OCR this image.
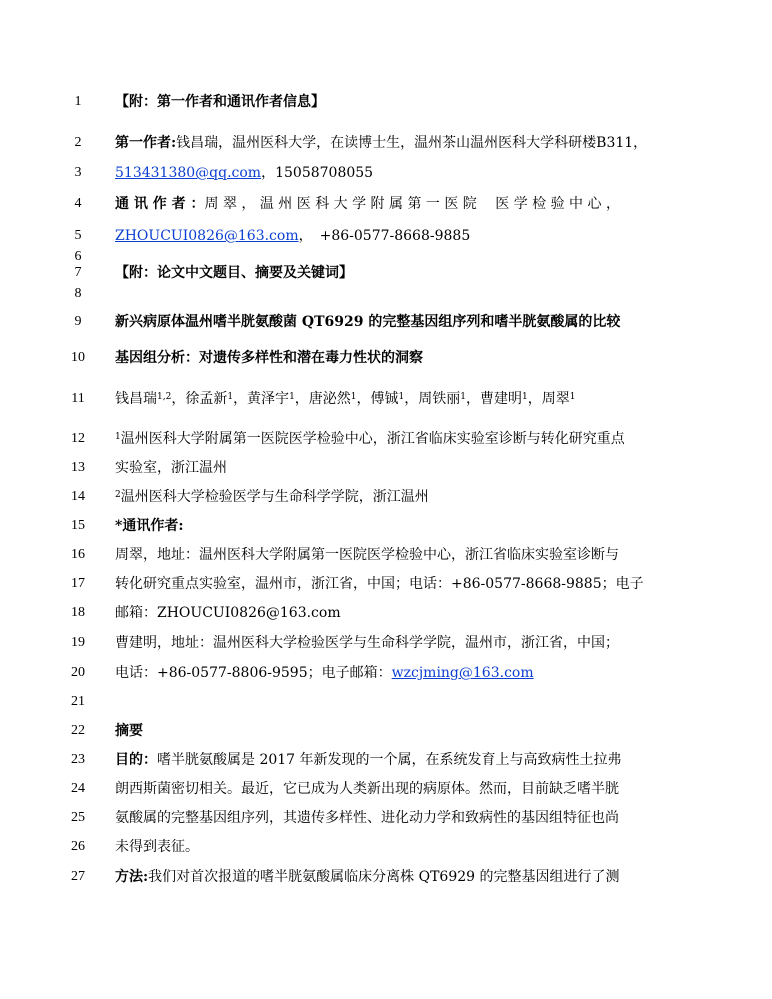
1	【附：第一作者和通讯作者信息】
2	第一作者:钱昌瑞，温州医科大学，在读博士生，温州茶山温州医科大学科研楼B311，
3	513431380@qq.com，15058708055
4	通 讯 作 者 ：周 翠 ， 温 州 医 科 大 学 附 属 第 一 医 院 　医 学 检 验 中 心 ，
5	ZHOUCUI0826@163.com，　+86-0577-8668-9885
6
7	【附：论文中文题目、摘要及关键词】
8
9	新兴病原体温州嗜半胱氨酸菌 QT6929 的完整基因组序列和嗜半胱氨酸属的比较
10	基因组分析：对遗传多样性和潜在毒力性状的洞察
11	钱昌瑞$^{1,2}$，徐孟新$^1$，黄泽宇$^1$，唐泌然$^1$，傅铖$^1$，周铁丽$^1$，曹建明$^1$，周翠$^1$
12	$^1$温州医科大学附属第一医院医学检验中心，浙江省临床实验室诊断与转化研究重点
13	实验室，浙江温州
14	$^2$温州医科大学检验医学与生命科学学院，浙江温州
15	*通讯作者:
16	周翠，地址：温州医科大学附属第一医院医学检验中心，浙江省临床实验室诊断与
17	转化研究重点实验室，温州市，浙江省，中国；电话：+86-0577-8668-9885；电子
18	邮箱：ZHOUCUI0826@163.com
19	曹建明，地址：温州医科大学检验医学与生命科学学院，温州市，浙江省，中国；
20	电话：+86-0577-8806-9595；电子邮箱：wzcjming@163.com
21
22	摘要
23	目的：嗜半胱氨酸属是 2017 年新发现的一个属，在系统发育上与高致病性土拉弗
24	朗西斯菌密切相关。最近，它已成为人类新出现的病原体。然而，目前缺乏嗜半胱
25	氨酸属的完整基因组序列，其遗传多样性、进化动力学和致病性的基因组特征也尚
26	未得到表征。
27	方法:我们对首次报道的嗜半胱氨酸属临床分离株 QT6929 的完整基因组进行了测
